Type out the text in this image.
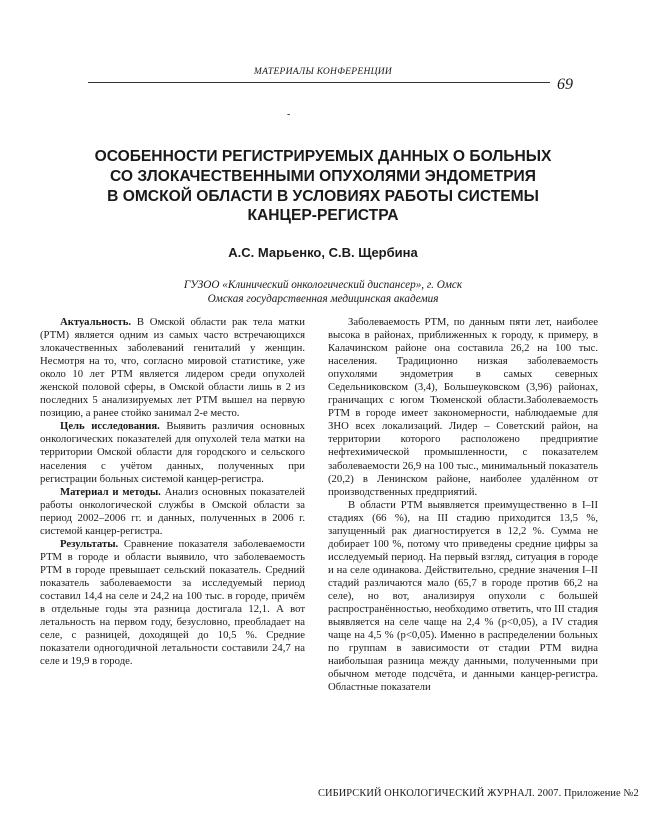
МАТЕРИАЛЫ КОНФЕРЕНЦИИ
69
-
ОСОБЕННОСТИ РЕГИСТРИРУЕМЫХ ДАННЫХ О БОЛЬНЫХ
СО ЗЛОКАЧЕСТВЕННЫМИ ОПУХОЛЯМИ ЭНДОМЕТРИЯ
В ОМСКОЙ ОБЛАСТИ В УСЛОВИЯХ РАБОТЫ СИСТЕМЫ
КАНЦЕР-РЕГИСТРА
А.С. Марьенко, С.В. Щербина
ГУЗОО «Клинический онкологический диспансер», г. Омск
Омская государственная медицинская академия

Актуальность. В Омской области рак тела матки (РТМ) является одним из самых часто встречающихся злокачественных заболеваний гениталий у женщин. Несмотря на то, что, согласно мировой статистике, уже около 10 лет РТМ является лидером среди опухолей женской половой сферы, в Омской области лишь в 2 из последних 5 анализируемых лет РТМ вышел на первую позицию, а ранее стойко занимал 2-е место.

Цель исследования. Выявить различия основных онкологических показателей для опухолей тела матки на территории Омской области для городского и сельского населения с учётом данных, полученных при регистрации больных системой канцер-регистра.

Материал и методы. Анализ основных показателей работы онкологической службы в Омской области за период 2002–2006 гг. и данных, полученных в 2006 г. системой канцер-регистра.

Результаты. Сравнение показателя заболеваемости РТМ в городе и области выявило, что заболеваемость РТМ в городе превышает сельский показатель. Средний показатель заболеваемости за исследуемый период составил 14,4 на селе и 24,2 на 100 тыс. в городе, причём в отдельные годы эта разница достигала 12,1. А вот летальность на первом году, безусловно, преобладает на селе, с разницей, доходящей до 10,5 %. Средние показатели одногодичной летальности составили 24,7 на селе и 19,9 в городе.

Заболеваемость РТМ, по данным пяти лет, наиболее высока в районах, приближенных к городу, к примеру, в Калачинском районе она составила 26,2 на 100 тыс. населения. Традиционно низкая заболеваемость опухолями эндометрия в самых северных Седельниковском (3,4), Большеуковском (3,96) районах, граничащих с югом Тюменской области.Заболеваемость РТМ в городе имеет закономерности, наблюдаемые для ЗНО всех локализаций. Лидер – Советский район, на территории которого расположено предприятие нефтехимической промышленности, с показателем заболеваемости 26,9 на 100 тыс., минимальный показатель (20,2) в Ленинском районе, наиболее удалённом от производственных предприятий.

В области РТМ выявляется преимущественно в I–II стадиях (66 %), на III стадию приходится 13,5 %, запущенный рак диагностируется в 12,2 %. Сумма не добирает 100 %, потому что приведены средние цифры за исследуемый период. На первый взгляд, ситуация в городе и на селе одинакова. Действительно, средние значения I–II стадий различаются мало (65,7 в городе против 66,2 на селе), но вот, анализируя опухоли с большей распространённостью, необходимо ответить, что III стадия выявляется на селе чаще на 2,4 % (p<0,05), а IV стадия чаще на 4,5 % (p<0,05). Именно в распределении больных по группам в зависимости от стадии РТМ видна наибольшая разница между данными, полученными при обычном методе подсчёта, и данными канцер-регистра. Областные показатели

СИБИРСКИЙ ОНКОЛОГИЧЕСКИЙ ЖУРНАЛ. 2007. Приложение №2
